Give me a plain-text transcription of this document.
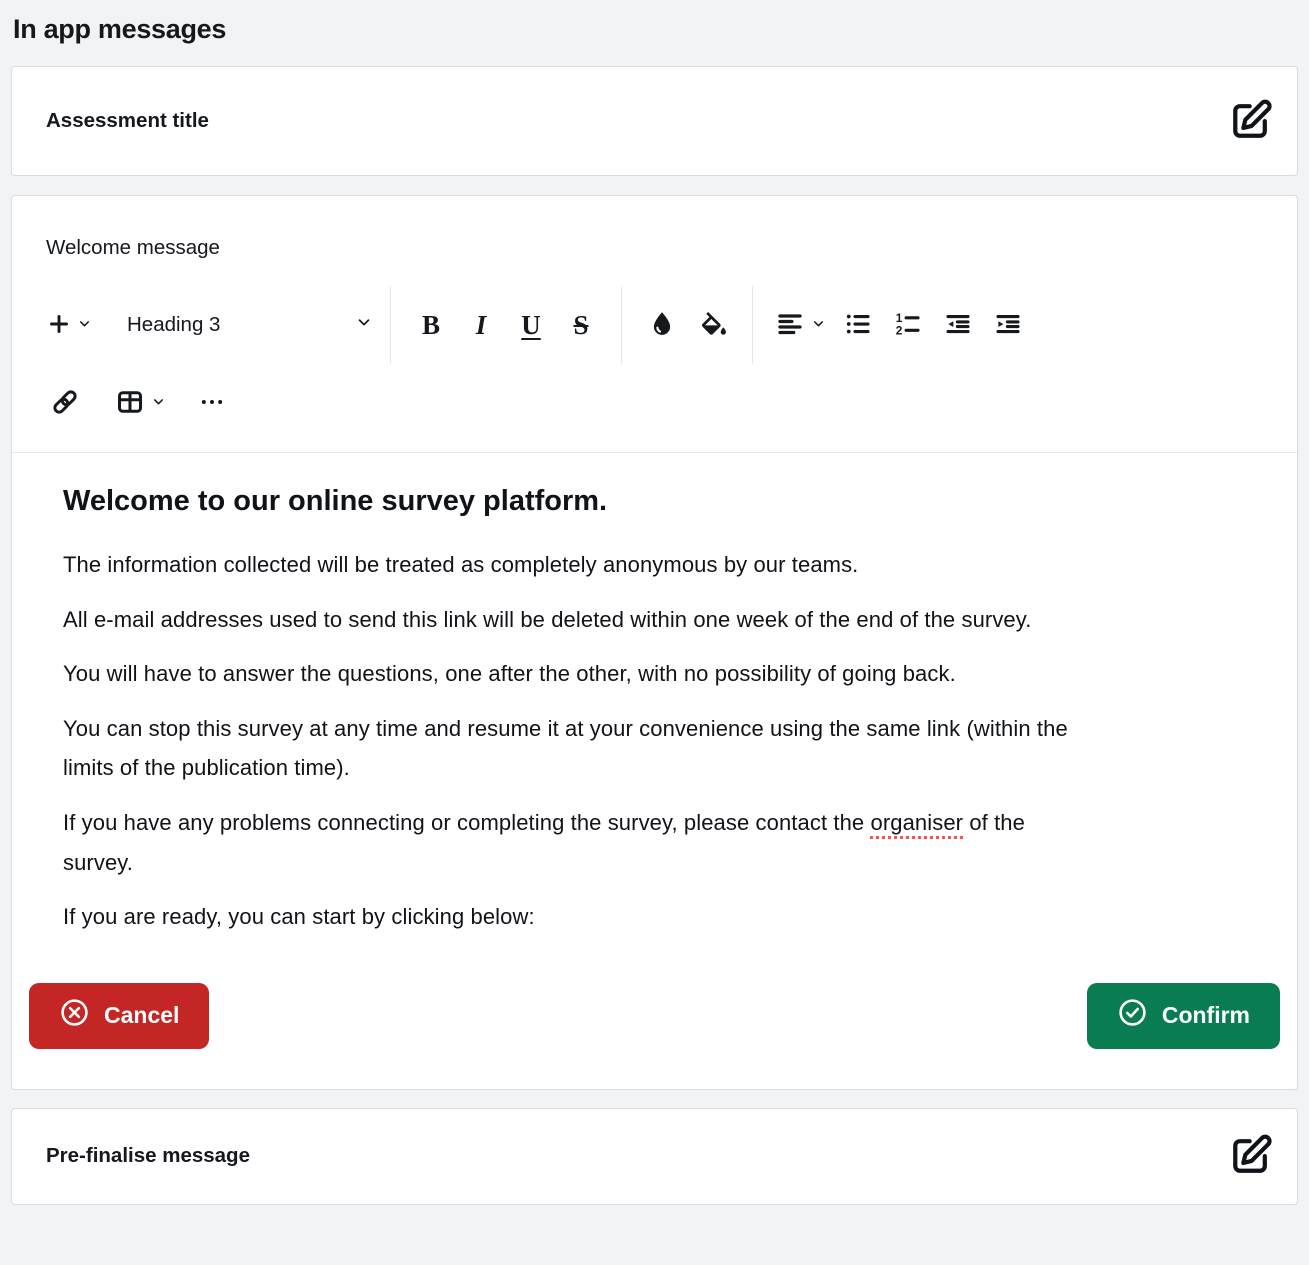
In app messages
Assessment title
Welcome message
Heading 3	B I U S	1
2
Welcome to our online survey platform.

The information collected will be treated as completely anonymous by our teams.

All e-mail addresses used to send this link will be deleted within one week of the end of the survey.

You will have to answer the questions, one after the other, with no possibility of going back.

You can stop this survey at any time and resume it at your convenience using the same link (within the limits of the publication time).

If you have any problems connecting or completing the survey, please contact the organiser of the survey.

If you are ready, you can start by clicking below:

Cancel	Confirm
Pre-finalise message
